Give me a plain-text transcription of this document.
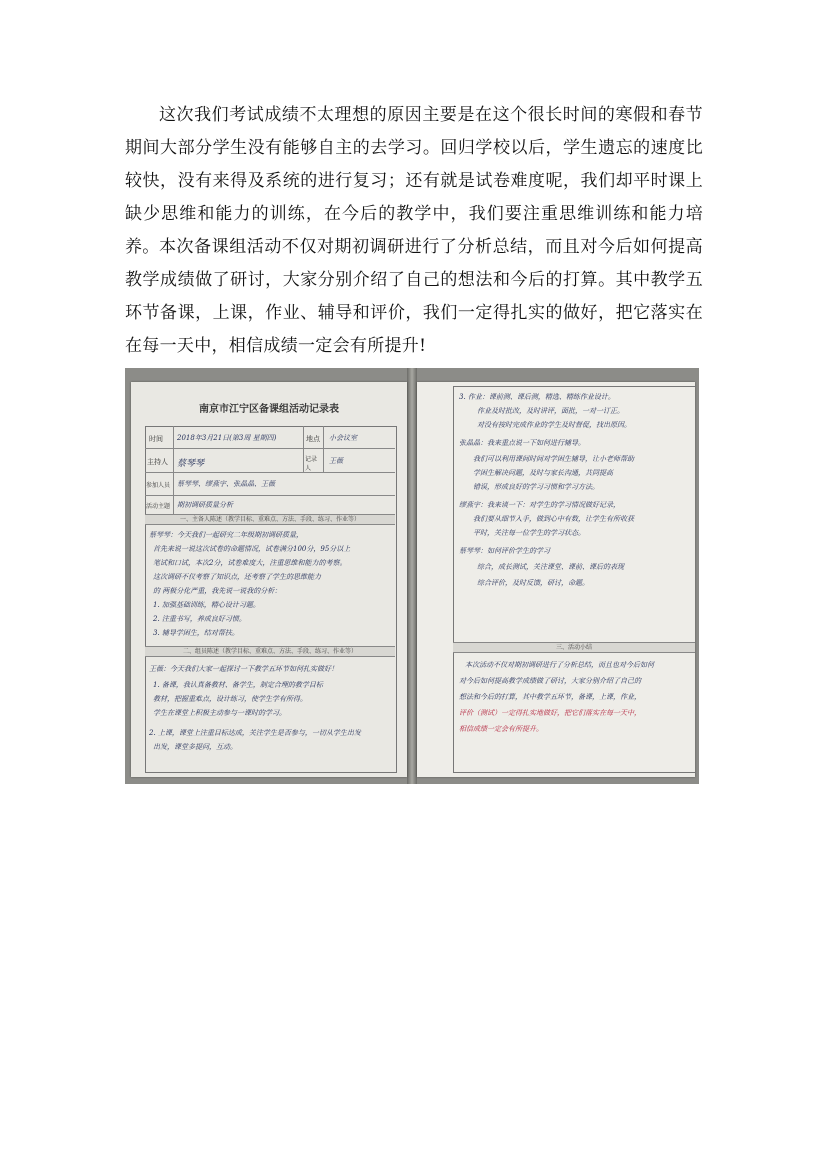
这次我们考试成绩不太理想的原因主要是在这个很长时间的寒假和春节期间大部分学生没有能够自主的去学习。回归学校以后，学生遗忘的速度比较快，没有来得及系统的进行复习；还有就是试卷难度呢，我们却平时课上缺少思维和能力的训练，在今后的教学中，我们要注重思维训练和能力培养。 本次备课组活动不仅对期初调研进行了分析总结，而且对今后如何提高教学成绩做了研讨，大家分别介绍了自己的想法和今后的打算。其中教学五环节备课，上课，作业、辅导和评价，我们一定得扎实的做好，把它落实在在每一天中，相信成绩一定会有所提升!

南京市江宁区备课组活动记录表
时间 2018年3月21日(第3周 星期四)	地点 小会议室
主持人 蔡琴琴	记录人
王薇
参加人员 蔡琴琴、缪燕宇、张晶晶、王薇
活动主题 期初调研质量分析
一、主备人陈述（教学目标、重难点、方法、手段、练习、作业等）
蔡琴琴：今天我们一起研究二年级期初调研质量，
首先来说一说这次试卷的命题情况，试卷满分100分，95分以上
笔试和口试，本次2分，试卷难度大，注重思维和能力的考察。
这次调研不仅考察了知识点，还考察了学生的思维能力
的 两极分化严重，我先说一说我的分析：
1. 加强基础训练，精心设计习题。
2. 注重书写，养成良好习惯。
3. 辅导学困生，结对帮扶。
二、组员陈述（教学目标、重难点、方法、手段、练习、作业等）
王薇：今天我们大家一起探讨一下教学五环节如何扎实做好！
1. 备课，我认真备教材、备学生，制定合理的教学目标
教材，把握重难点，设计练习，使学生学有所得。
学生在课堂上积极主动参与一课时的学习。
2. 上课，课堂上注重目标达成，关注学生是否参与，一切从学生出发
出发，课堂多提问，互动。
3. 作业：课前测、课后测，精选、精练作业设计。
作业及时批改，及时讲评，面批，一对一订正。
对没有按时完成作业的学生及时督促，找出原因。
张晶晶：我来重点说一下如何进行辅导。
我们可以利用课间时间对学困生辅导，让小老师帮助
学困生解决问题，及时与家长沟通，共同提高
错误，形成良好的学习习惯和学习方法。
缪燕宇：我来谈一下：对学生的学习情况做好记录，
我们要从细节入手，做到心中有数，让学生有所收获
平时，关注每一位学生的学习状态。
蔡琴琴：如何评价学生的学习
综合，成长测试，关注课堂、课前、课后的表现
综合评价，及时反馈，研讨，命题。
三、活动小结
本次活动不仅对期初调研进行了分析总结，而且也对今后如何
对今后如何提高教学成绩做了研讨，大家分别介绍了自己的
想法和今后的打算，其中教学五环节，备课，上课，作业，
评价（测试）一定得扎实地做好，把它们落实在每一天中，
相信成绩一定会有所提升。
